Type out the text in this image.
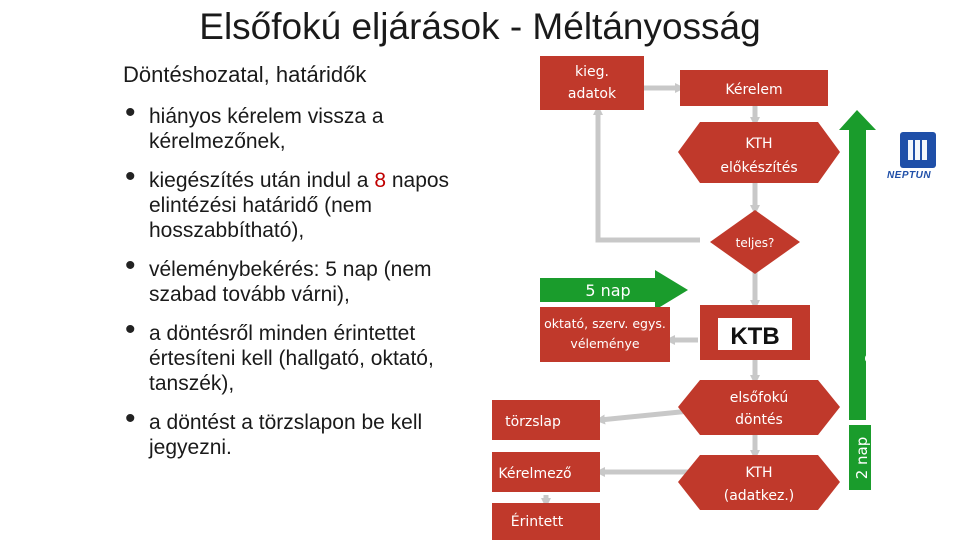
Elsőfokú eljárások - Méltányosság
Döntéshozatal, határidők
• hiányos kérelem vissza a kérelmezőnek,
• kiegészítés után indul a 8 napos elintézési határidő (nem hosszabbítható),
• véleménybekérés: 5 nap (nem szabad tovább várni),
• a döntésről minden érintettet értesíteni kell (hallgató, oktató, tanszék),
• a döntést a törzslapon be kell jegyezni.
kieg.
adatok	Kérelem
KTH
előkészítés
nem
teljes?
igen
5 nap
oktató, szerv. egys.
véleménye	KTB
elsőfokú
döntés
KTH
(adatkez.)
törzslap
Kérelmező
Érintett
8 nap
2 nap
NEPTUN
